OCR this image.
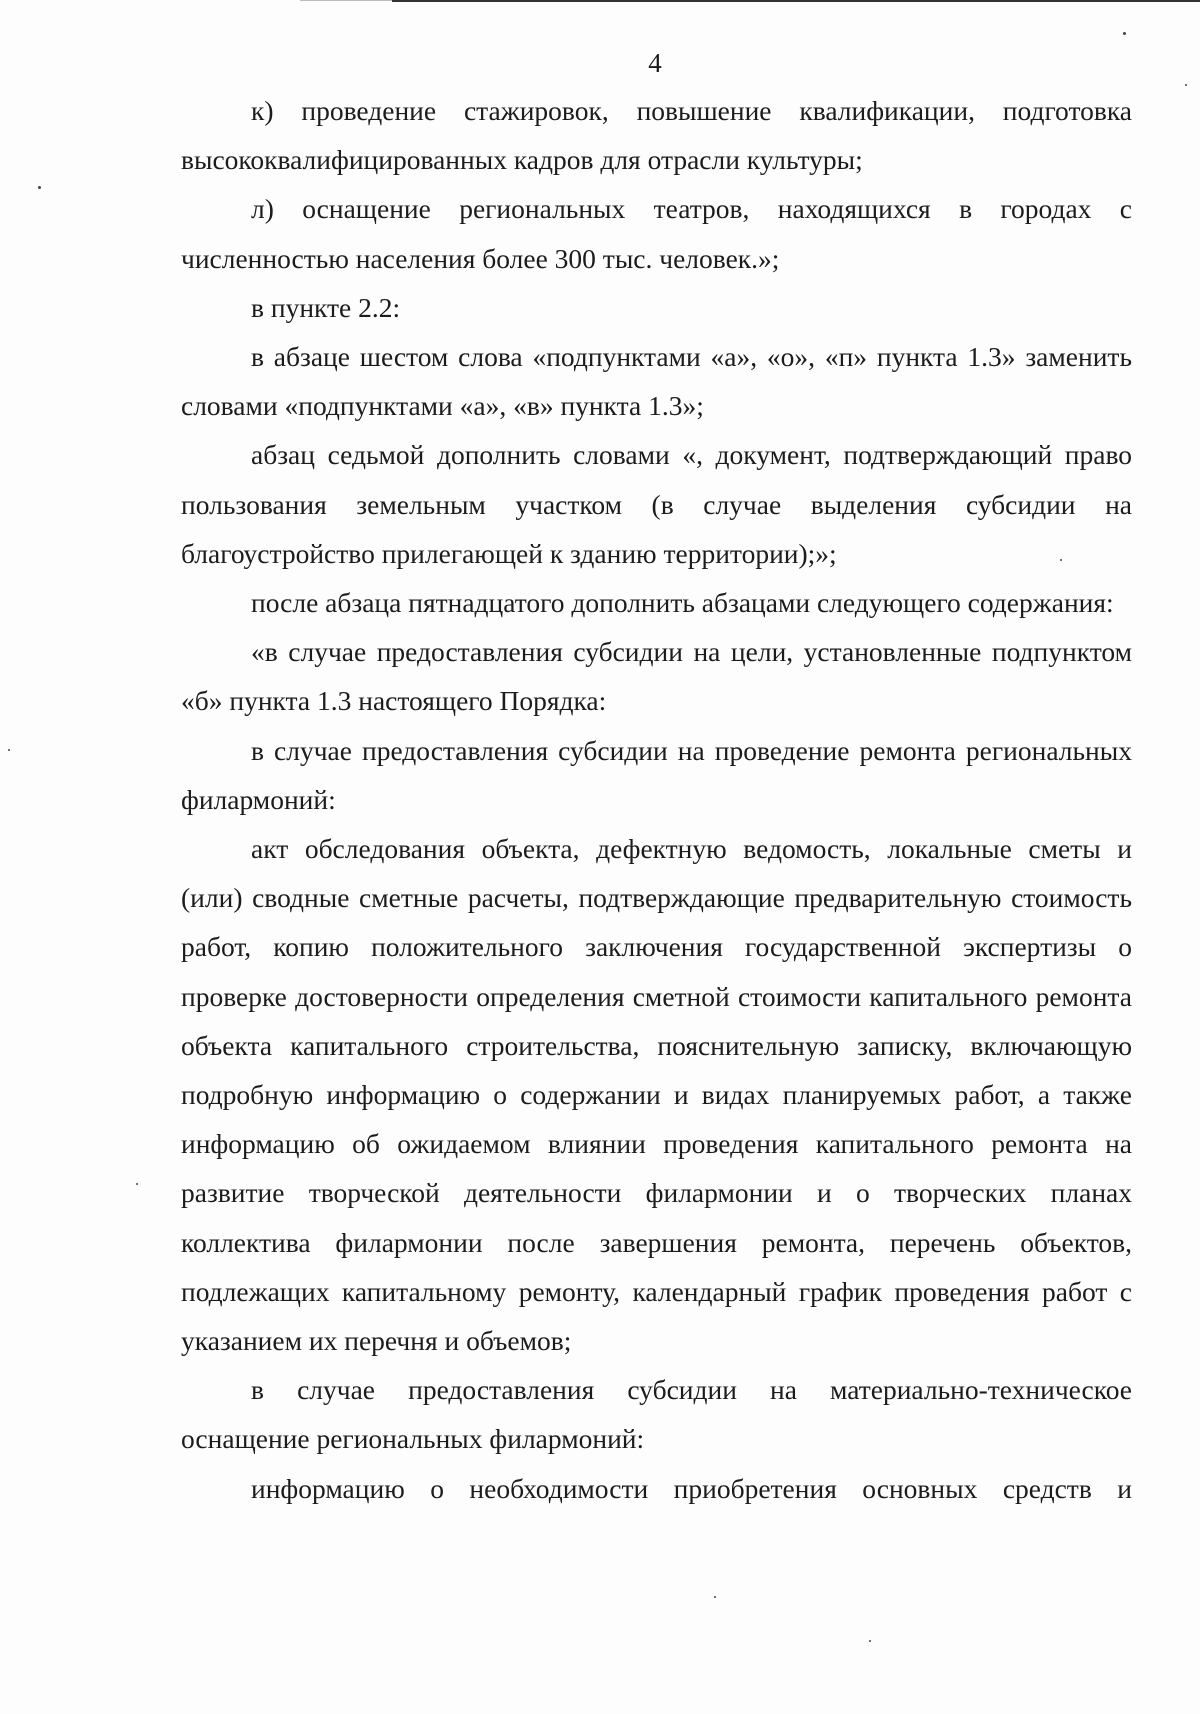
4

к) проведение стажировок, повышение квалификации, подготовка высококвалифицированных кадров для отрасли культуры;

л) оснащение региональных театров, находящихся в городах с численностью населения более 300 тыс. человек.»;

в пункте 2.2:

в абзаце шестом слова «подпунктами «а», «о», «п» пункта 1.3» заменить словами «подпунктами «а», «в» пункта 1.3»;

абзац седьмой дополнить словами «, документ, подтверждающий право пользования земельным участком (в случае выделения субсидии на благоустройство прилегающей к зданию территории);»;

после абзаца пятнадцатого дополнить абзацами следующего содержания:

«в случае предоставления субсидии на цели, установленные подпунктом «б» пункта 1.3 настоящего Порядка:

в случае предоставления субсидии на проведение ремонта региональных филармоний:

акт обследования объекта, дефектную ведомость, локальные сметы и (или) сводные сметные расчеты, подтверждающие предварительную стоимость работ, копию положительного заключения государственной экспертизы о проверке достоверности определения сметной стоимости капитального ремонта объекта капитального строительства, пояснительную записку, включающую подробную информацию о содержании и видах планируемых работ, а также информацию об ожидаемом влиянии проведения капитального ремонта на развитие творческой деятельности филармонии и о творческих планах коллектива филармонии после завершения ремонта, перечень объектов, подлежащих капитальному ремонту, календарный график проведения работ с указанием их перечня и объемов;

в случае предоставления субсидии на материально-техническое оснащение региональных филармоний:

информацию о необходимости приобретения основных средств и
